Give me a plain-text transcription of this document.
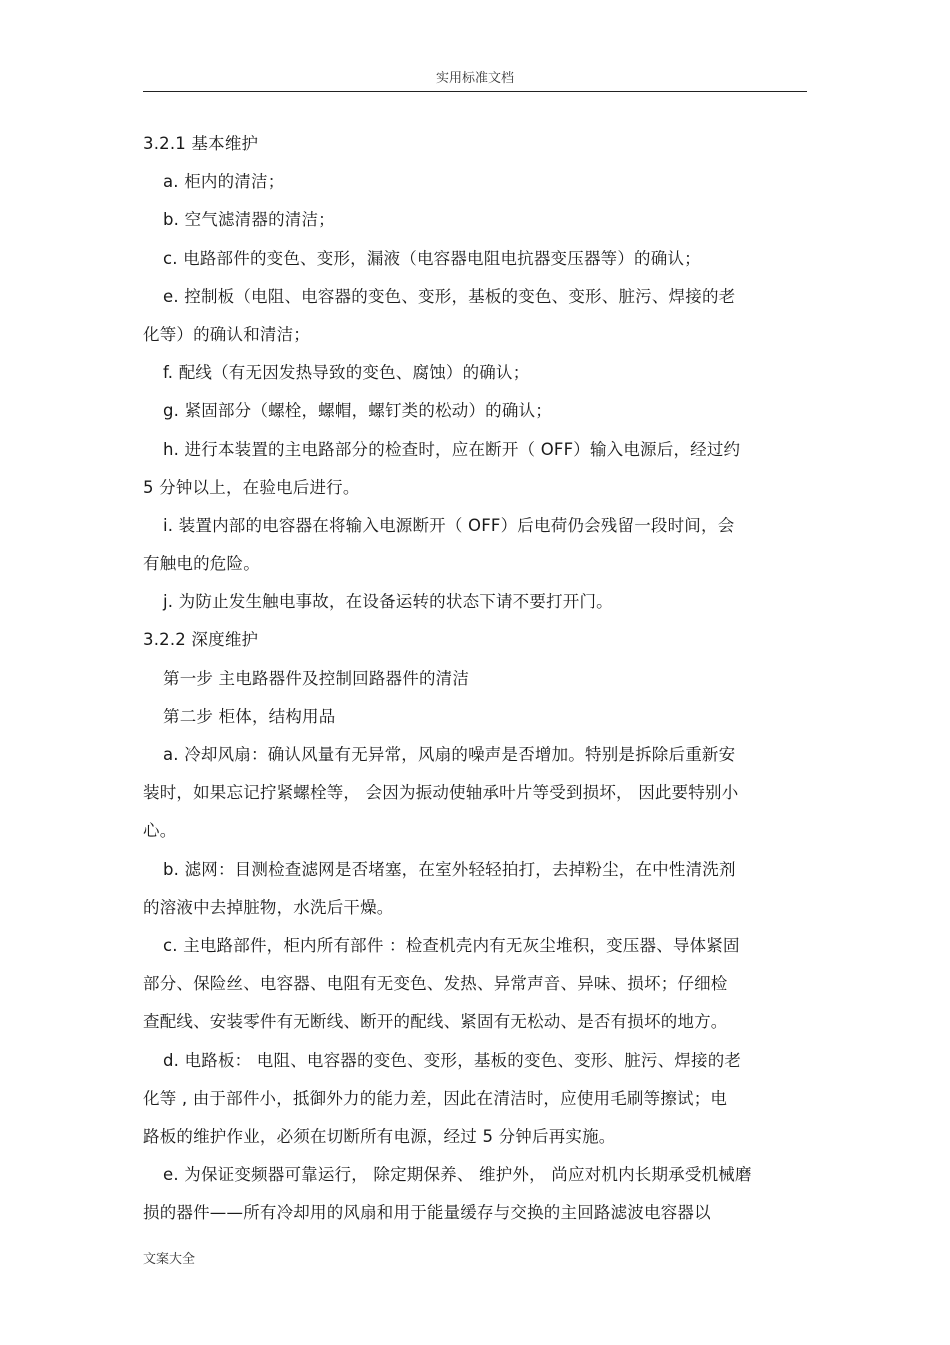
实用标准文档
3.2.1 基本维护
a. 柜内的清洁；
b. 空气滤清器的清洁；
c. 电路部件的变色、变形，漏液（电容器电阻电抗器变压器等）的确认；
e. 控制板（电阻、电容器的变色、变形，基板的变色、变形、脏污、焊接的老
化等）的确认和清洁；
f. 配线（有无因发热导致的变色、腐蚀）的确认；
g. 紧固部分（螺栓，螺帽，螺钉类的松动）的确认；
h. 进行本装置的主电路部分的检查时，应在断开（ OFF）输入电源后，经过约
5 分钟以上，在验电后进行。
i. 装置内部的电容器在将输入电源断开（ OFF）后电荷仍会残留一段时间，会
有触电的危险。
j. 为防止发生触电事故，在设备运转的状态下请不要打开门。
3.2.2 深度维护
第一步 主电路器件及控制回路器件的清洁
第二步 柜体，结构用品
a. 冷却风扇：确认风量有无异常，风扇的噪声是否增加。特别是拆除后重新安
装时，如果忘记拧紧螺栓等， 会因为振动使轴承叶片等受到损坏， 因此要特别小
心。
b. 滤网：目测检查滤网是否堵塞，在室外轻轻拍打，去掉粉尘，在中性清洗剂
的溶液中去掉脏物，水洗后干燥。
c. 主电路部件，柜内所有部件 ：检查机壳内有无灰尘堆积，变压器、导体紧固
部分、保险丝、电容器、电阻有无变色、发热、异常声音、异味、损坏；仔细检
查配线、安装零件有无断线、断开的配线、紧固有无松动、是否有损坏的地方。
d. 电路板： 电阻、电容器的变色、变形，基板的变色、变形、脏污、焊接的老
化等 , 由于部件小，抵御外力的能力差，因此在清洁时，应使用毛刷等擦试；电
路板的维护作业，必须在切断所有电源，经过 5 分钟后再实施。
e. 为保证变频器可靠运行， 除定期保养、 维护外， 尚应对机内长期承受机械磨
损的器件——所有冷却用的风扇和用于能量缓存与交换的主回路滤波电容器以
文案大全
